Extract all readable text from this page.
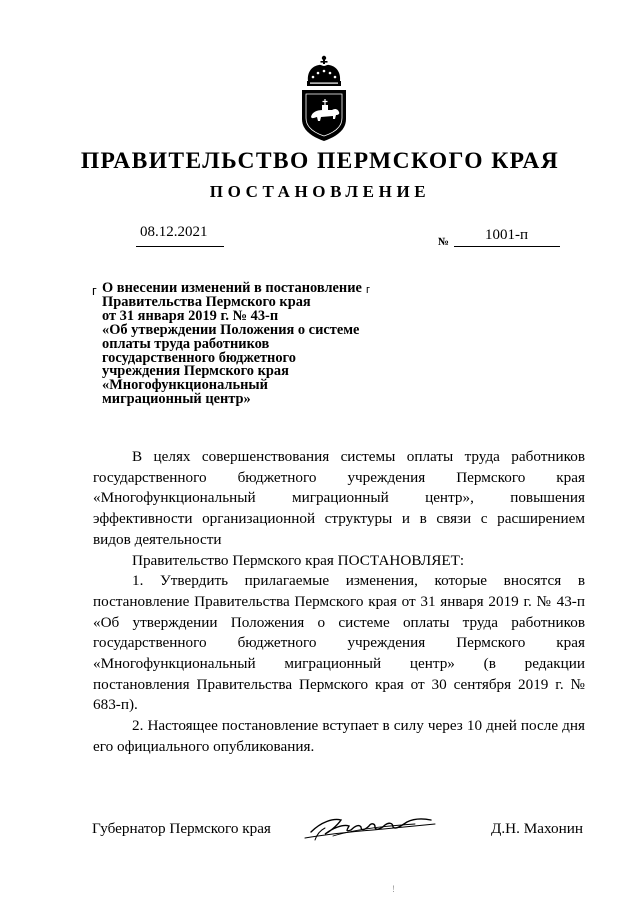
ПРАВИТЕЛЬСТВО ПЕРМСКОГО КРАЯ
ПОСТАНОВЛЕНИЕ
08.12.2021
№ 1001-п
г	г
О внесении изменений в постановление
Правительства Пермского края
от 31 января 2019 г. № 43-п
«Об утверждении Положения о системе
оплаты труда работников
государственного бюджетного
учреждения Пермского края
«Многофункциональный
миграционный центр»

В целях совершенствования системы оплаты труда работников государственного бюджетного учреждения Пермского края «Многофункциональный миграционный центр», повышения эффективности организационной структуры и в связи с расширением видов деятельности

Правительство Пермского края ПОСТАНОВЛЯЕТ:

1. Утвердить прилагаемые изменения, которые вносятся в постановление Правительства Пермского края от 31 января 2019 г. № 43-п «Об утверждении Положения о системе оплаты труда работников государственного бюджетного учреждения Пермского края «Многофункциональный миграционный центр» (в редакции постановления Правительства Пермского края от 30 сентября 2019 г. № 683-п).

2. Настоящее постановление вступает в силу через 10 дней после дня его официального опубликования.

Губернатор Пермского края	Д.Н. Махонин
!
